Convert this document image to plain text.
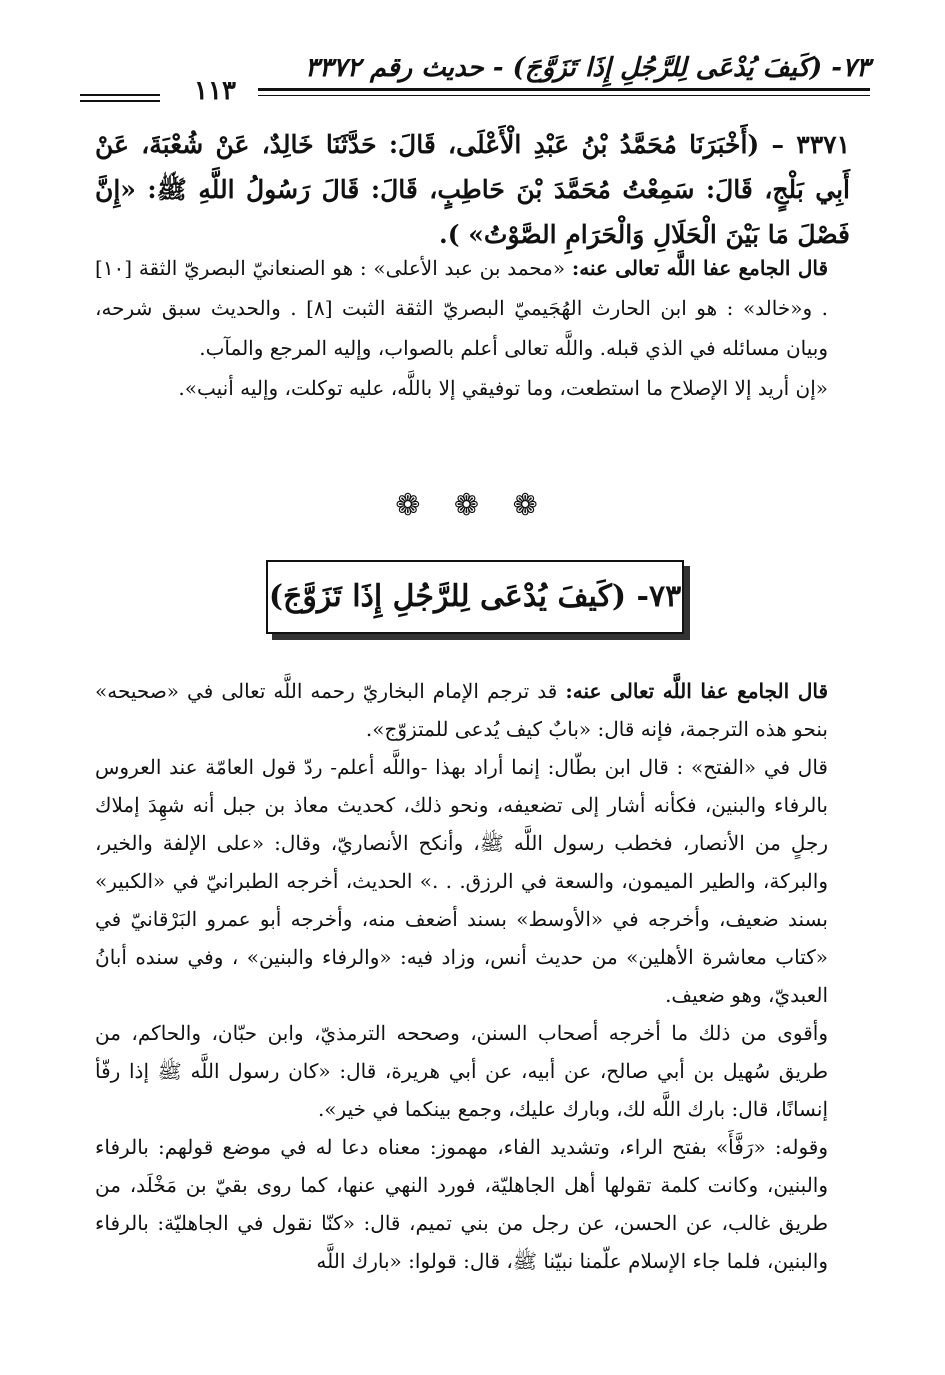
٧٣- (كَيفَ يُدْعَى لِلرَّجُلِ إِذَا تَزَوَّجَ) - حديث رقم ٣٣٧٢
١١٣

٣٣٧١ – (أَخْبَرَنَا مُحَمَّدُ بْنُ عَبْدِ الْأَعْلَى، قَالَ: حَدَّثَنَا خَالِدٌ، عَنْ شُعْبَةَ، عَنْ أَبِي بَلْجٍ، قَالَ: سَمِعْتُ مُحَمَّدَ بْنَ حَاطِبٍ، قَالَ: قَالَ رَسُولُ اللَّهِ ﷺ: «إِنَّ فَصْلَ مَا بَيْنَ الْحَلَالِ وَالْحَرَامِ الصَّوْتُ» ).

قال الجامع عفا اللَّه تعالى عنه: «محمد بن عبد الأعلى» : هو الصنعانيّ البصريّ الثقة [١٠] . و«خالد» : هو ابن الحارث الهُجَيميّ البصريّ الثقة الثبت [٨] . والحديث سبق شرحه، وبيان مسائله في الذي قبله. واللَّه تعالى أعلم بالصواب، وإليه المرجع والمآب.

«إن أريد إلا الإصلاح ما استطعت، وما توفيقي إلا باللَّه، عليه توكلت، وإليه أنيب».

❁ ❁ ❁
٧٣- (كَيفَ يُدْعَى لِلرَّجُلِ إِذَا تَزَوَّجَ)

قال الجامع عفا اللَّه تعالى عنه: قد ترجم الإمام البخاريّ رحمه اللَّه تعالى في «صحيحه» بنحو هذه الترجمة، فإنه قال: «بابٌ كيف يُدعى للمتزوّج».

قال في «الفتح» : قال ابن بطّال: إنما أراد بهذا -واللَّه أعلم- ردّ قول العامّة عند العروس بالرفاء والبنين، فكأنه أشار إلى تضعيفه، ونحو ذلك، كحديث معاذ بن جبل أنه شهِدَ إملاك رجلٍ من الأنصار، فخطب رسول اللَّه ﷺ، وأنكح الأنصاريّ، وقال: «على الإلفة والخير، والبركة، والطير الميمون، والسعة في الرزق. . .» الحديث، أخرجه الطبرانيّ في «الكبير» بسند ضعيف، وأخرجه في «الأوسط» بسند أضعف منه، وأخرجه أبو عمرو البَرْقانيّ في «كتاب معاشرة الأهلين» من حديث أنس، وزاد فيه: «والرفاء والبنين» ، وفي سنده أبانُ العبديّ، وهو ضعيف.

وأقوى من ذلك ما أخرجه أصحاب السنن، وصححه الترمذيّ، وابن حبّان، والحاكم، من طريق سُهيل بن أبي صالح، عن أبيه، عن أبي هريرة، قال: «كان رسول اللَّه ﷺ إذا رفّأ إنسانًا، قال: بارك اللَّه لك، وبارك عليك، وجمع بينكما في خير».

وقوله: «رَفَّأَ» بفتح الراء، وتشديد الفاء، مهموز: معناه دعا له في موضع قولهم: بالرفاء والبنين، وكانت كلمة تقولها أهل الجاهليّة، فورد النهي عنها، كما روى بقيّ بن مَخْلَد، من طريق غالب، عن الحسن، عن رجل من بني تميم، قال: «كنّا نقول في الجاهليّة: بالرفاء والبنين، فلما جاء الإسلام علّمنا نبيّنا ﷺ، قال: قولوا: «بارك اللَّه
